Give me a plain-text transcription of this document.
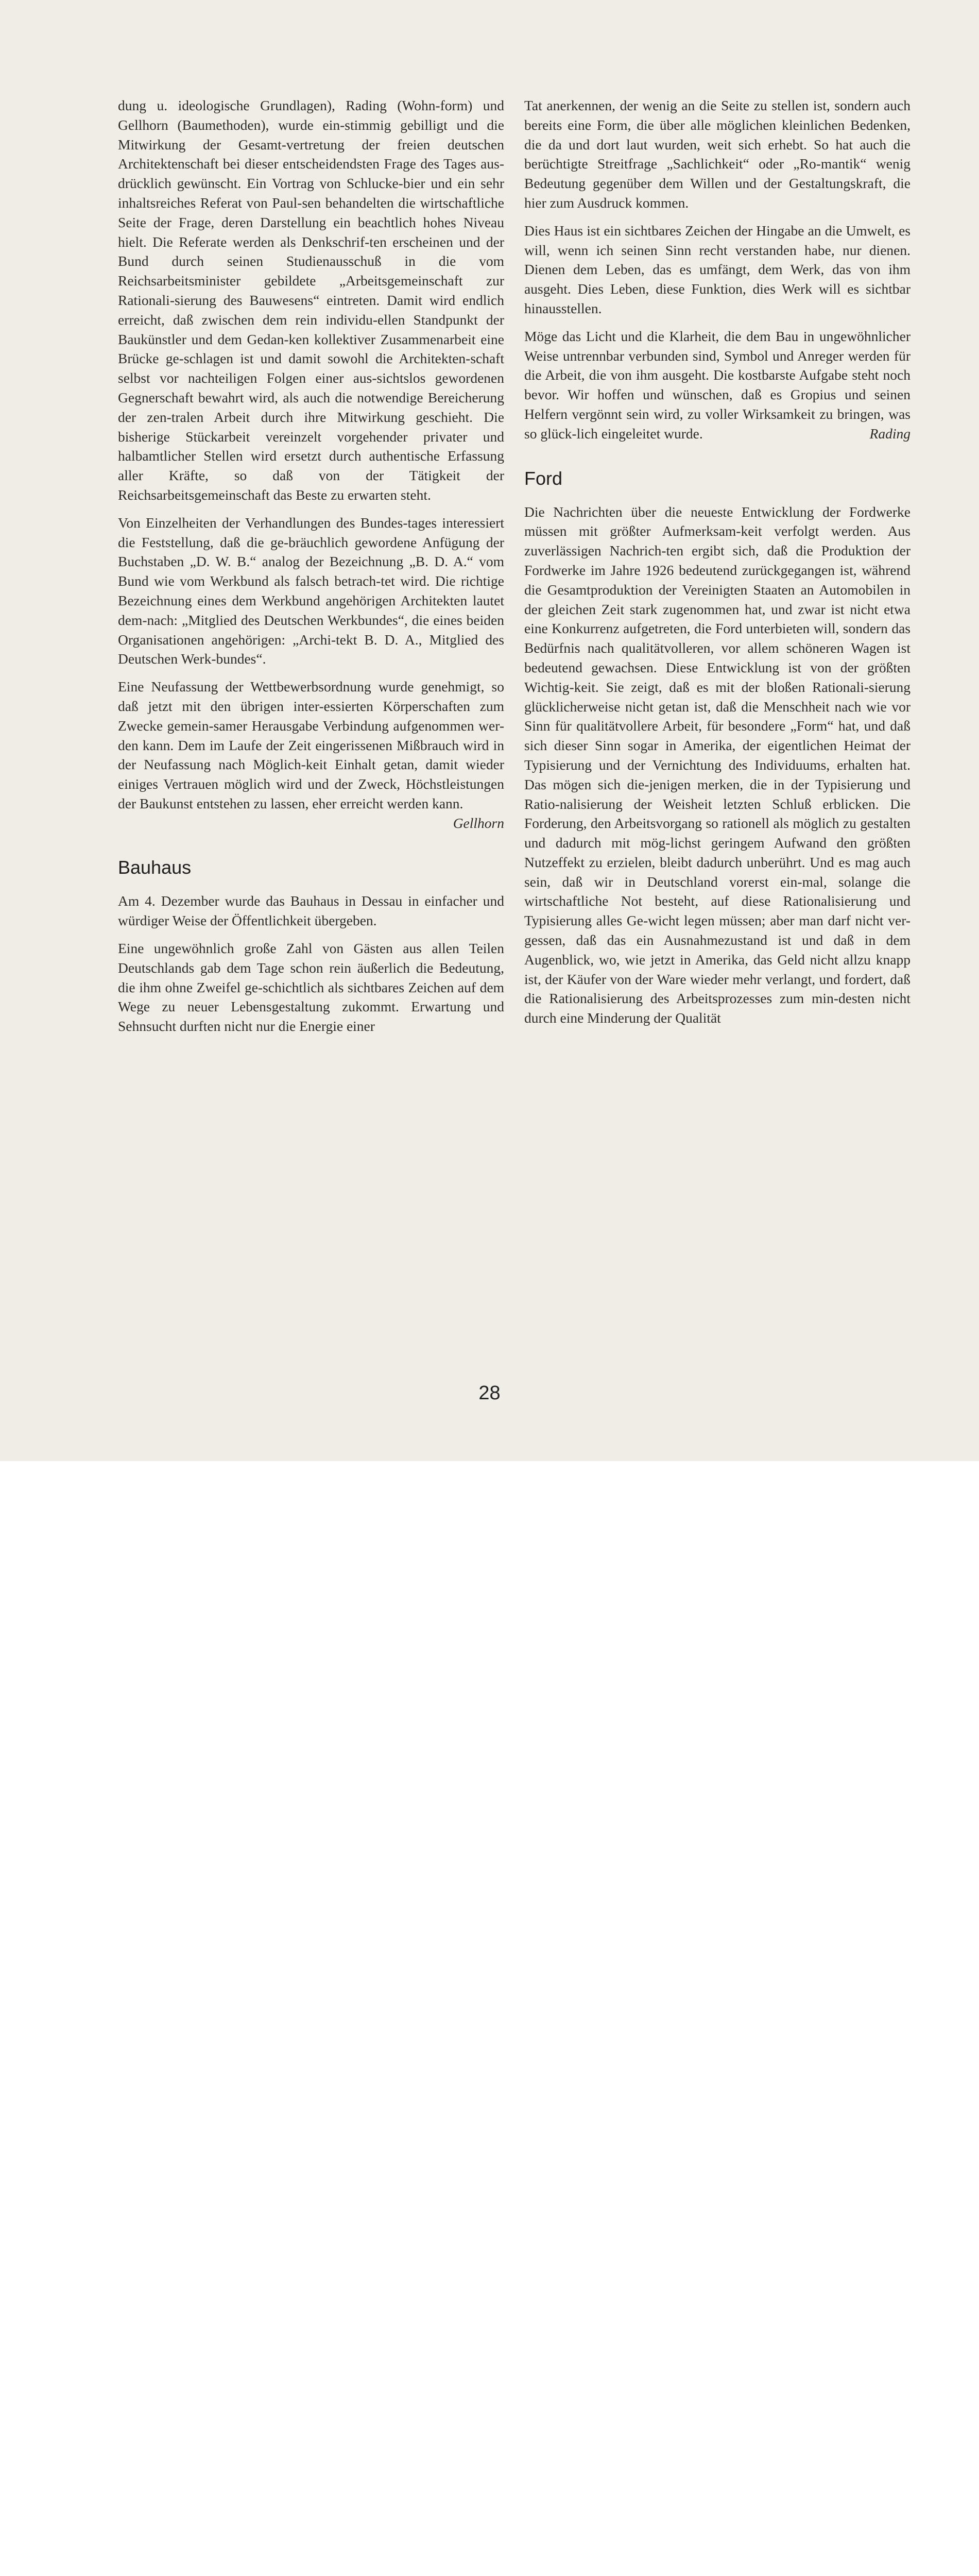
dung u. ideologische Grundlagen), Rading (Wohn-form) und Gellhorn (Baumethoden), wurde ein-stimmig gebilligt und die Mitwirkung der Gesamt-vertretung der freien deutschen Architektenschaft bei dieser entscheidendsten Frage des Tages aus-drücklich gewünscht. Ein Vortrag von Schlucke-bier und ein sehr inhaltsreiches Referat von Paul-sen behandelten die wirtschaftliche Seite der Frage, deren Darstellung ein beachtlich hohes Niveau hielt. Die Referate werden als Denkschrif-ten erscheinen und der Bund durch seinen Studienausschuß in die vom Reichsarbeitsminister gebildete „Arbeitsgemeinschaft zur Rationali-sierung des Bauwesens“ eintreten. Damit wird endlich erreicht, daß zwischen dem rein individu-ellen Standpunkt der Baukünstler und dem Gedan-ken kollektiver Zusammenarbeit eine Brücke ge-schlagen ist und damit sowohl die Architekten-schaft selbst vor nachteiligen Folgen einer aus-sichtslos gewordenen Gegnerschaft bewahrt wird, als auch die notwendige Bereicherung der zen-tralen Arbeit durch ihre Mitwirkung geschieht. Die bisherige Stückarbeit vereinzelt vorgehender privater und halbamtlicher Stellen wird ersetzt durch authentische Erfassung aller Kräfte, so daß von der Tätigkeit der Reichsarbeitsgemeinschaft das Beste zu erwarten steht.

Von Einzelheiten der Verhandlungen des Bundes-tages interessiert die Feststellung, daß die ge-bräuchlich gewordene Anfügung der Buchstaben „D. W. B.“ analog der Bezeichnung „B. D. A.“ vom Bund wie vom Werkbund als falsch betrach-tet wird. Die richtige Bezeichnung eines dem Werkbund angehörigen Architekten lautet dem-nach: „Mitglied des Deutschen Werkbundes“, die eines beiden Organisationen angehörigen: „Archi-tekt B. D. A., Mitglied des Deutschen Werk-bundes“.

Eine Neufassung der Wettbewerbsordnung wurde genehmigt, so daß jetzt mit den übrigen inter-essierten Körperschaften zum Zwecke gemein-samer Herausgabe Verbindung aufgenommen wer-den kann. Dem im Laufe der Zeit eingerissenen Mißbrauch wird in der Neufassung nach Möglich-keit Einhalt getan, damit wieder einiges Vertrauen möglich wird und der Zweck, Höchstleistungen der Baukunst entstehen zu lassen, eher erreicht werden kann.
Gellhorn

Bauhaus

Am 4. Dezember wurde das Bauhaus in Dessau in einfacher und würdiger Weise der Öffentlichkeit übergeben.

Eine ungewöhnlich große Zahl von Gästen aus allen Teilen Deutschlands gab dem Tage schon rein äußerlich die Bedeutung, die ihm ohne Zweifel ge-schichtlich als sichtbares Zeichen auf dem Wege zu neuer Lebensgestaltung zukommt. Erwartung und Sehnsucht durften nicht nur die Energie einer

Tat anerkennen, der wenig an die Seite zu stellen ist, sondern auch bereits eine Form, die über alle möglichen kleinlichen Bedenken, die da und dort laut wurden, weit sich erhebt. So hat auch die berüchtigte Streitfrage „Sachlichkeit“ oder „Ro-mantik“ wenig Bedeutung gegenüber dem Willen und der Gestaltungskraft, die hier zum Ausdruck kommen.

Dies Haus ist ein sichtbares Zeichen der Hingabe an die Umwelt, es will, wenn ich seinen Sinn recht verstanden habe, nur dienen. Dienen dem Leben, das es umfängt, dem Werk, das von ihm ausgeht. Dies Leben, diese Funktion, dies Werk will es sichtbar hinausstellen.

Möge das Licht und die Klarheit, die dem Bau in ungewöhnlicher Weise untrennbar verbunden sind, Symbol und Anreger werden für die Arbeit, die von ihm ausgeht. Die kostbarste Aufgabe steht noch bevor. Wir hoffen und wünschen, daß es Gropius und seinen Helfern vergönnt sein wird, zu voller Wirksamkeit zu bringen, was so glück-lich eingeleitet wurde.	Rading

Ford

Die Nachrichten über die neueste Entwicklung der Fordwerke müssen mit größter Aufmerksam-keit verfolgt werden. Aus zuverlässigen Nachrich-ten ergibt sich, daß die Produktion der Fordwerke im Jahre 1926 bedeutend zurückgegangen ist, während die Gesamtproduktion der Vereinigten Staaten an Automobilen in der gleichen Zeit stark zugenommen hat, und zwar ist nicht etwa eine Konkurrenz aufgetreten, die Ford unterbieten will, sondern das Bedürfnis nach qualitätvolleren, vor allem schöneren Wagen ist bedeutend gewachsen. Diese Entwicklung ist von der größten Wichtig-keit. Sie zeigt, daß es mit der bloßen Rationali-sierung glücklicherweise nicht getan ist, daß die Menschheit nach wie vor Sinn für qualitätvollere Arbeit, für besondere „Form“ hat, und daß sich dieser Sinn sogar in Amerika, der eigentlichen Heimat der Typisierung und der Vernichtung des Individuums, erhalten hat. Das mögen sich die-jenigen merken, die in der Typisierung und Ratio-nalisierung der Weisheit letzten Schluß erblicken. Die Forderung, den Arbeitsvorgang so rationell als möglich zu gestalten und dadurch mit mög-lichst geringem Aufwand den größten Nutzeffekt zu erzielen, bleibt dadurch unberührt. Und es mag auch sein, daß wir in Deutschland vorerst ein-mal, solange die wirtschaftliche Not besteht, auf diese Rationalisierung und Typisierung alles Ge-wicht legen müssen; aber man darf nicht ver-gessen, daß das ein Ausnahmezustand ist und daß in dem Augenblick, wo, wie jetzt in Amerika, das Geld nicht allzu knapp ist, der Käufer von der Ware wieder mehr verlangt, und fordert, daß die Rationalisierung des Arbeitsprozesses zum min-desten nicht durch eine Minderung der Qualität

28
